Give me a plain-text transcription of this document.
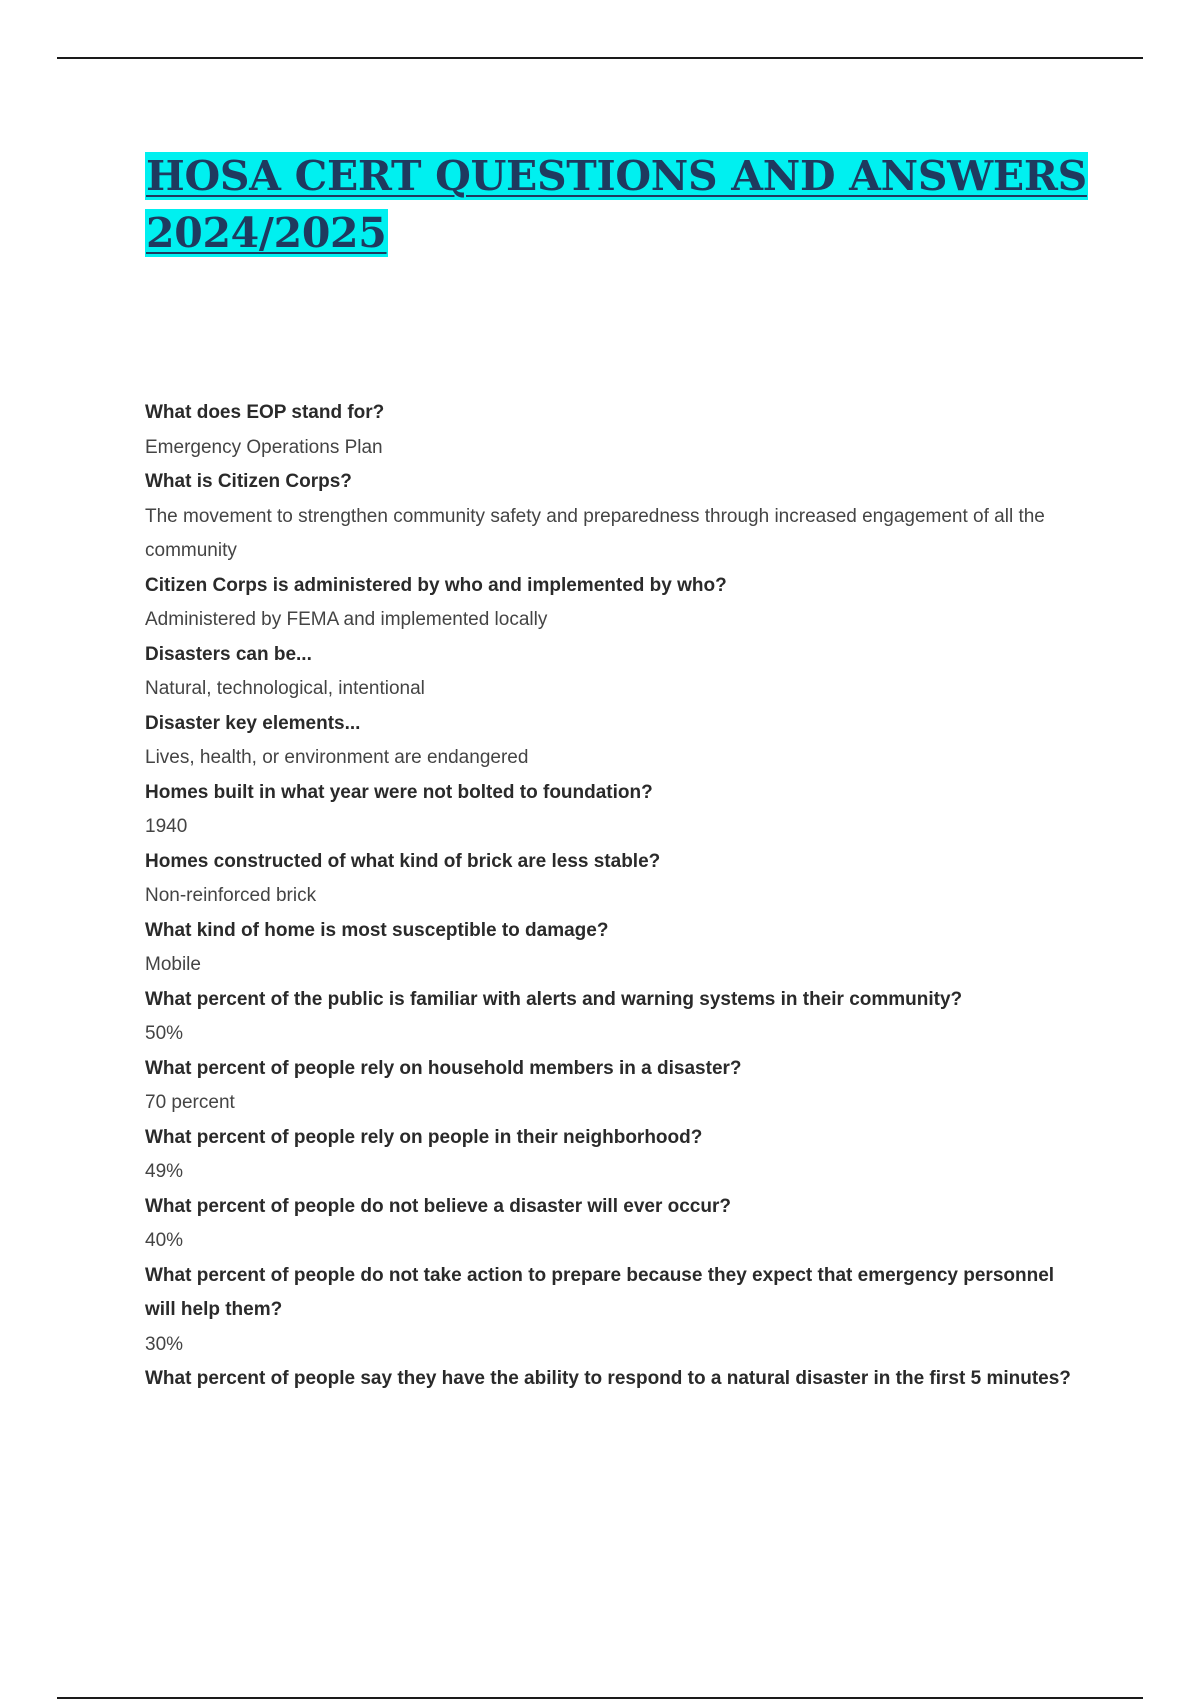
HOSA CERT QUESTIONS AND ANSWERS 2024/2025
What does EOP stand for?
Emergency Operations Plan
What is Citizen Corps?
The movement to strengthen community safety and preparedness through increased engagement of all the community
Citizen Corps is administered by who and implemented by who?
Administered by FEMA and implemented locally
Disasters can be...
Natural, technological, intentional
Disaster key elements...
Lives, health, or environment are endangered
Homes built in what year were not bolted to foundation?
1940
Homes constructed of what kind of brick are less stable?
Non-reinforced brick
What kind of home is most susceptible to damage?
Mobile
What percent of the public is familiar with alerts and warning systems in their community?
50%
What percent of people rely on household members in a disaster?
70 percent
What percent of people rely on people in their neighborhood?
49%
What percent of people do not believe a disaster will ever occur?
40%
What percent of people do not take action to prepare because they expect that emergency personnel will help them?
30%
What percent of people say they have the ability to respond to a natural disaster in the first 5 minutes?
